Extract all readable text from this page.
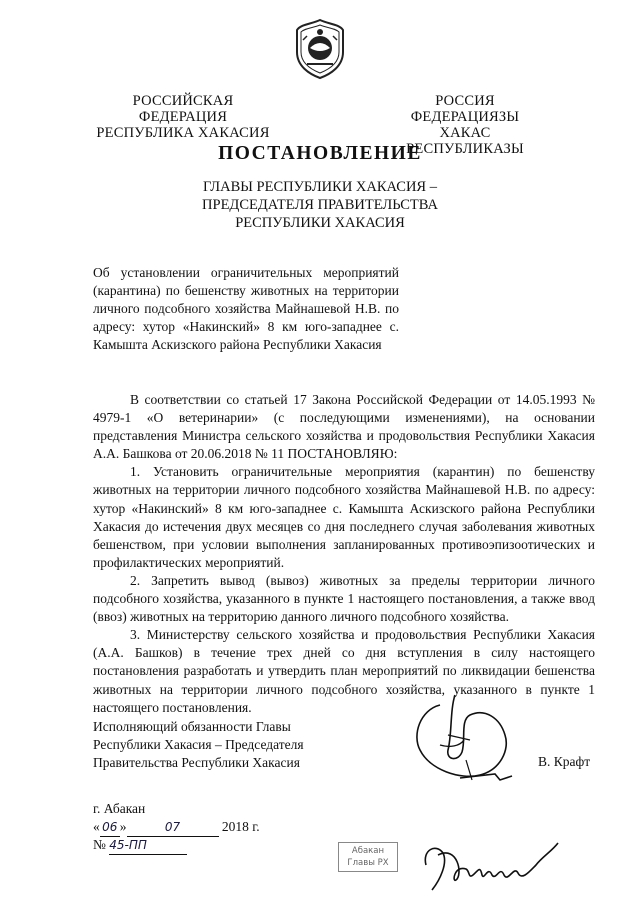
РОССИЙСКАЯ ФЕДЕРАЦИЯ
РЕСПУБЛИКА ХАКАСИЯ
РОССИЯ ФЕДЕРАЦИЯЗЫ
ХАКАС РЕСПУБЛИКАЗЫ
ПОСТАНОВЛЕНИЕ
ГЛАВЫ РЕСПУБЛИКИ ХАКАСИЯ –
ПРЕДСЕДАТЕЛЯ ПРАВИТЕЛЬСТВА
РЕСПУБЛИКИ ХАКАСИЯ
Об установлении ограничительных мероприятий (карантина) по бешенству животных на территории личного подсобного хозяйства Майнашевой Н.В. по адресу: хутор «Накинский» 8 км юго-западнее с. Камышта Аскизского района Республики Хакасия

В соответствии со статьей 17 Закона Российской Федерации от 14.05.1993 № 4979-1 «О ветеринарии» (с последующими изменениями), на основании представления Министра сельского хозяйства и продовольствия Республики Хакасия А.А. Башкова от 20.06.2018 № 11 ПОСТАНОВЛЯЮ:

1. Установить ограничительные мероприятия (карантин) по бешенству животных на территории личного подсобного хозяйства Майнашевой Н.В. по адресу: хутор «Накинский» 8 км юго-западнее с. Камышта Аскизского района Республики Хакасия до истечения двух месяцев со дня последнего случая заболевания животных бешенством, при условии выполнения запланированных противоэпизоотических и профилактических мероприятий.

2. Запретить вывод (вывоз) животных за пределы территории личного подсобного хозяйства, указанного в пункте 1 настоящего постановления, а также ввод (ввоз) животных на территорию данного личного подсобного хозяйства.

3. Министерству сельского хозяйства и продовольствия Республики Хакасия (А.А. Башков) в течение трех дней со дня вступления в силу настоящего постановления разработать и утвердить план мероприятий по ликвидации бешенства животных на территории личного подсобного хозяйства, указанного в пункте 1 настоящего постановления.

Исполняющий обязанности Главы
Республики Хакасия – Председателя
Правительства Республики Хакасия	В. Крафт
г. Абакан
« 06 »	07	2018 г.
№ 45-ПП	Абакан
Главы РХ
